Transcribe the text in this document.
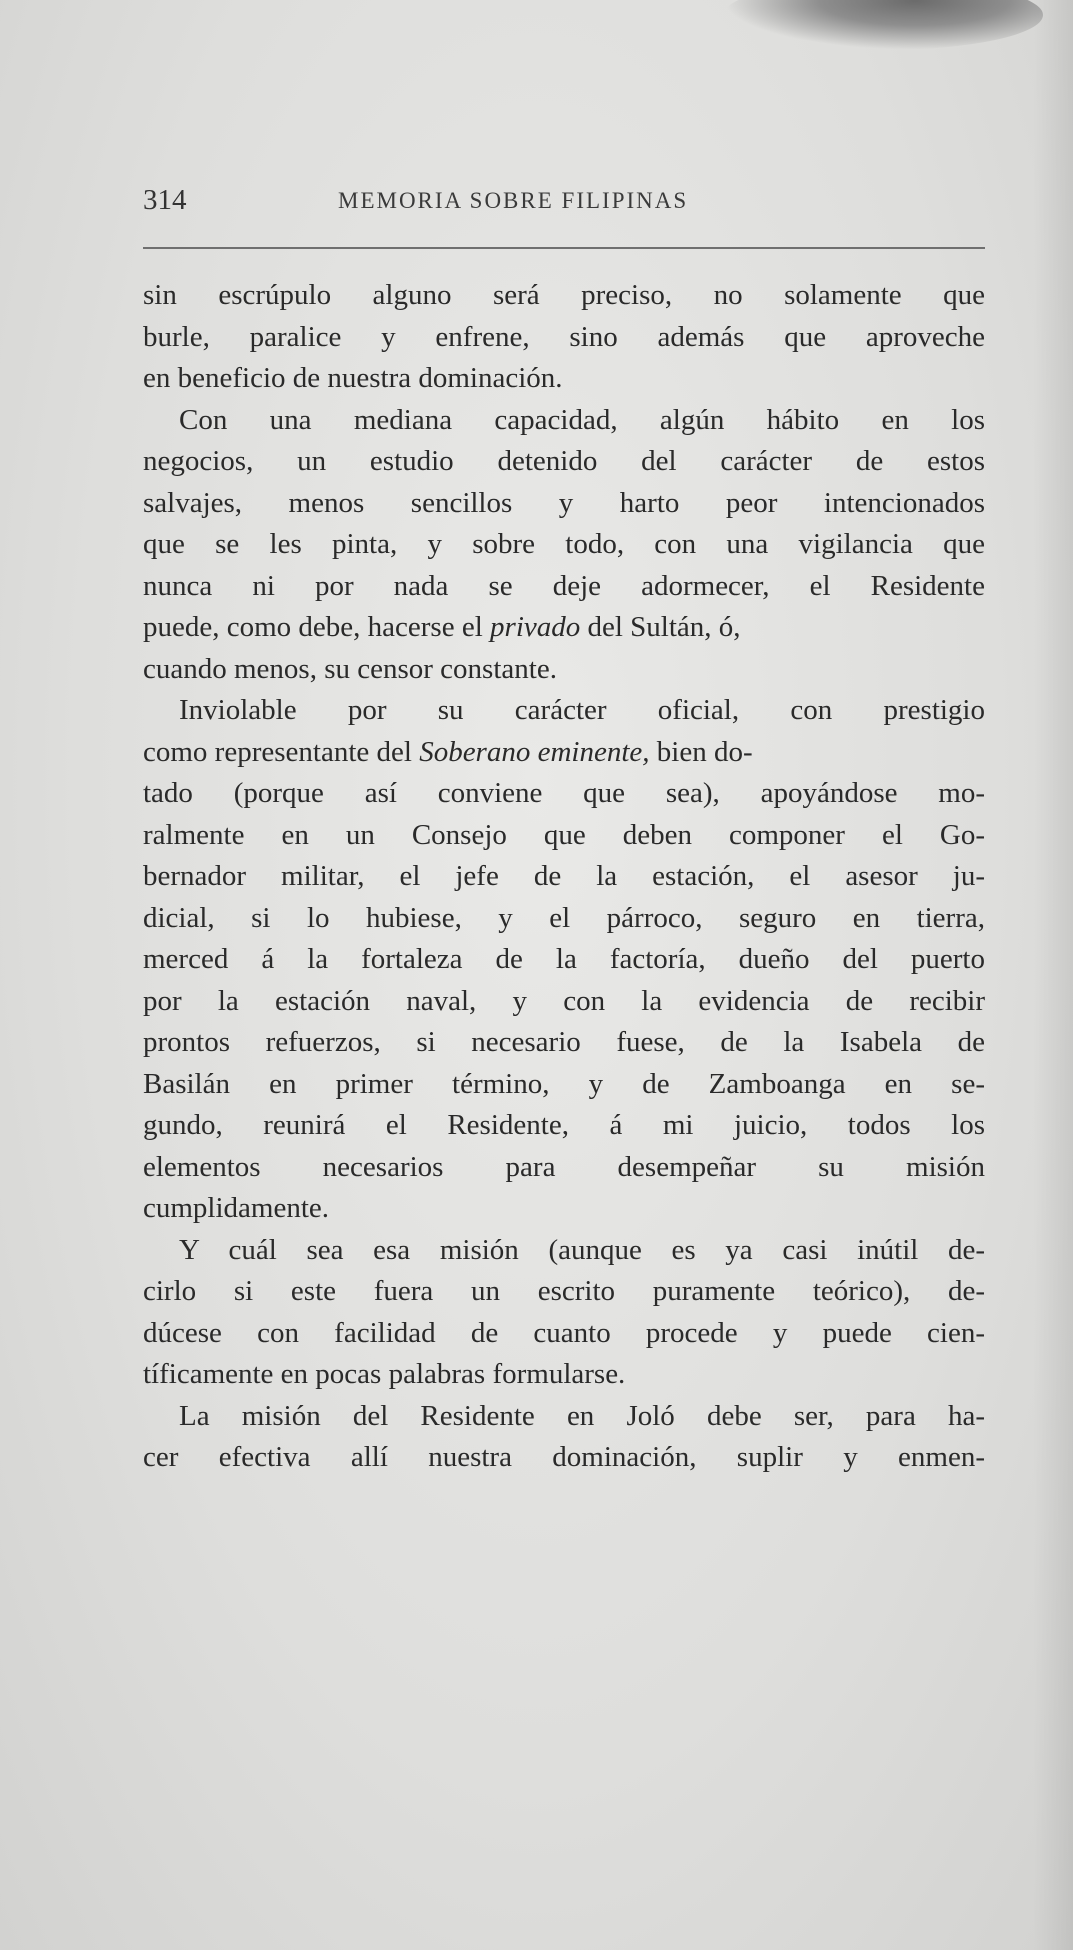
314	MEMORIA SOBRE FILIPINAS

sin escrúpulo alguno será preciso, no solamente que
burle, paralice y enfrene, sino además que aproveche
en beneficio de nuestra dominación.

Con una mediana capacidad, algún hábito en los
negocios, un estudio detenido del carácter de estos
salvajes, menos sencillos y harto peor intencionados
que se les pinta, y sobre todo, con una vigilancia que
nunca ni por nada se deje adormecer, el Residente
puede, como debe, hacerse el privado del Sultán, ó,
cuando menos, su censor constante.

Inviolable por su carácter oficial, con prestigio
como representante del Soberano eminente, bien do-
tado (porque así conviene que sea), apoyándose mo-
ralmente en un Consejo que deben componer el Go-
bernador militar, el jefe de la estación, el asesor ju-
dicial, si lo hubiese, y el párroco, seguro en tierra,
merced á la fortaleza de la factoría, dueño del puerto
por la estación naval, y con la evidencia de recibir
prontos refuerzos, si necesario fuese, de la Isabela de
Basilán en primer término, y de Zamboanga en se-
gundo, reunirá el Residente, á mi juicio, todos los
elementos necesarios para desempeñar su misión
cumplidamente.

Y cuál sea esa misión (aunque es ya casi inútil de-
cirlo si este fuera un escrito puramente teórico), de-
dúcese con facilidad de cuanto procede y puede cien-
tíficamente en pocas palabras formularse.

La misión del Residente en Joló debe ser, para ha-
cer efectiva allí nuestra dominación, suplir y enmen-
